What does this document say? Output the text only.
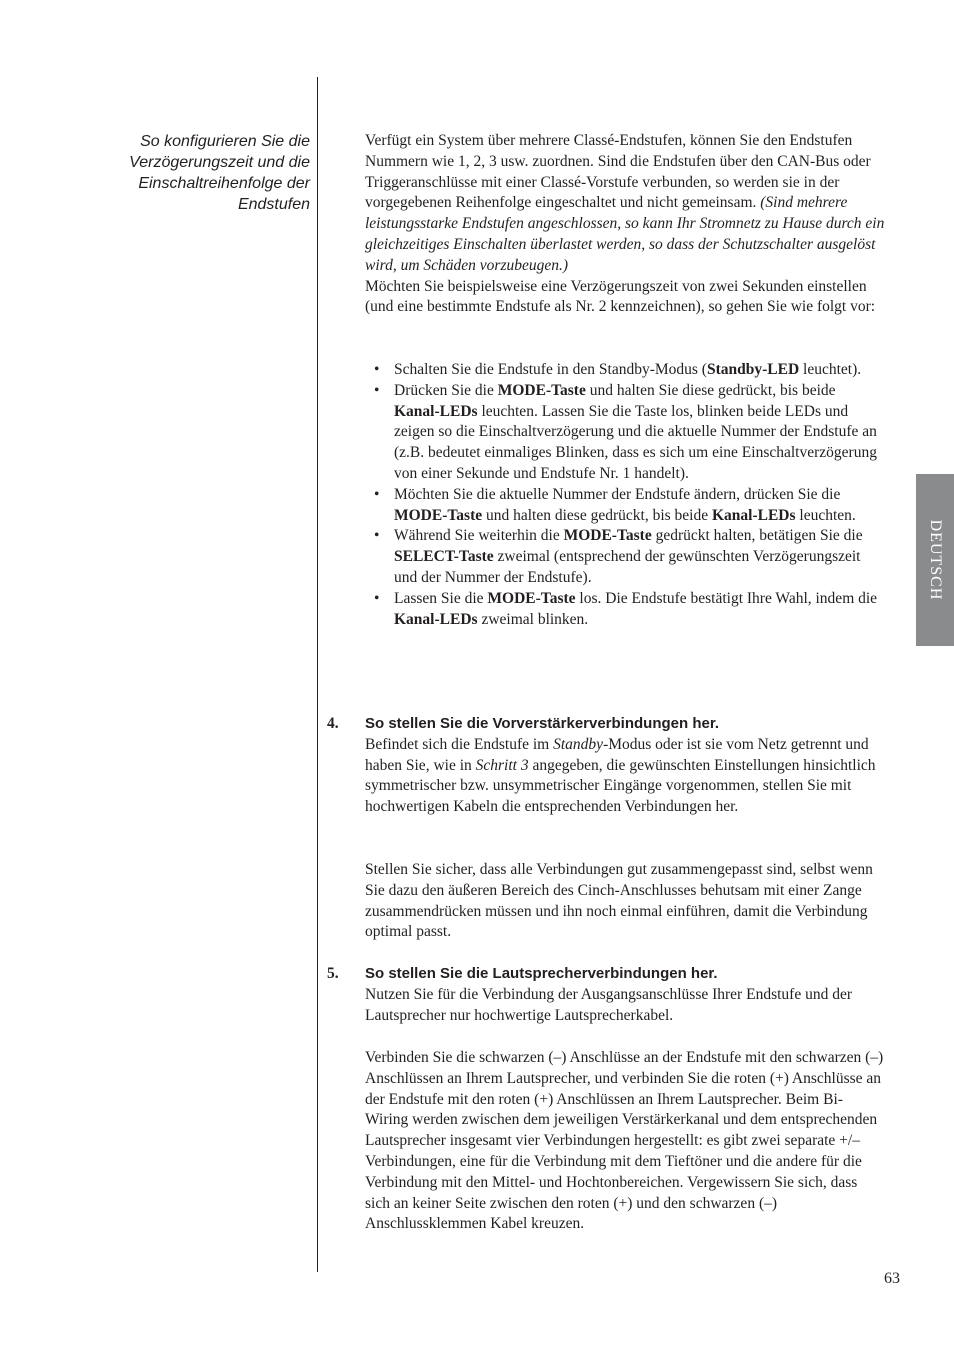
So konfigurieren Sie die
Verzögerungszeit und die
Einschaltreihenfolge der
Endstufen

Verfügt ein System über mehrere Classé-Endstufen, können Sie den Endstufen Nummern wie 1, 2, 3 usw. zuordnen. Sind die Endstufen über den CAN-Bus oder Triggeranschlüsse mit einer Classé-Vorstufe verbunden, so werden sie in der vorgegebenen Reihenfolge eingeschaltet und nicht gemeinsam. (Sind mehrere leistungsstarke Endstufen angeschlossen, so kann Ihr Stromnetz zu Hause durch ein gleichzeitiges Einschalten überlastet werden, so dass der Schutzschalter ausgelöst wird, um Schäden vorzubeugen.)

Möchten Sie beispielsweise eine Verzögerungszeit von zwei Sekunden einstellen (und eine bestimmte Endstufe als Nr. 2 kennzeichnen), so gehen Sie wie folgt vor:

• Schalten Sie die Endstufe in den Standby-Modus (Standby-LED leuchtet).
• Drücken Sie die MODE-Taste und halten Sie diese gedrückt, bis beide Kanal-LEDs leuchten. Lassen Sie die Taste los, blinken beide LEDs und zeigen so die Einschaltverzögerung und die aktuelle Nummer der Endstufe an (z.B. bedeutet einmaliges Blinken, dass es sich um eine Einschaltverzögerung von einer Sekunde und Endstufe Nr. 1 handelt).
• Möchten Sie die aktuelle Nummer der Endstufe ändern, drücken Sie die MODE-Taste und halten diese gedrückt, bis beide Kanal-LEDs leuchten.
• Während Sie weiterhin die MODE-Taste gedrückt halten, betätigen Sie die SELECT-Taste zweimal (entsprechend der gewünschten Verzögerungszeit und der Nummer der Endstufe).
• Lassen Sie die MODE-Taste los. Die Endstufe bestätigt Ihre Wahl, indem die Kanal-LEDs zweimal blinken.
4. So stellen Sie die Vorverstärkerverbindungen her.

Befindet sich die Endstufe im Standby-Modus oder ist sie vom Netz getrennt und haben Sie, wie in Schritt 3 angegeben, die gewünschten Einstellungen hinsichtlich symmetrischer bzw. unsymmetrischer Eingänge vorgenommen, stellen Sie mit hochwertigen Kabeln die entsprechenden Verbindungen her.

Stellen Sie sicher, dass alle Verbindungen gut zusammengepasst sind, selbst wenn Sie dazu den äußeren Bereich des Cinch-Anschlusses behutsam mit einer Zange zusammendrücken müssen und ihn noch einmal einführen, damit die Verbindung optimal passt.
5. So stellen Sie die Lautsprecherverbindungen her.

Nutzen Sie für die Verbindung der Ausgangsanschlüsse Ihrer Endstufe und der Lautsprecher nur hochwertige Lautsprecherkabel.

Verbinden Sie die schwarzen (–) Anschlüsse an der Endstufe mit den schwarzen (–) Anschlüssen an Ihrem Lautsprecher, und verbinden Sie die roten (+) Anschlüsse an der Endstufe mit den roten (+) Anschlüssen an Ihrem Lautsprecher. Beim Bi-Wiring werden zwischen dem jeweiligen Verstärkerkanal und dem entsprechenden Lautsprecher insgesamt vier Verbindungen hergestellt: es gibt zwei separate +/– Verbindungen, eine für die Verbindung mit dem Tieftöner und die andere für die Verbindung mit den Mittel- und Hochtonbereichen. Vergewissern Sie sich, dass sich an keiner Seite zwischen den roten (+) und den schwarzen (–) Anschlussklemmen Kabel kreuzen.
DEUTSCH
63
